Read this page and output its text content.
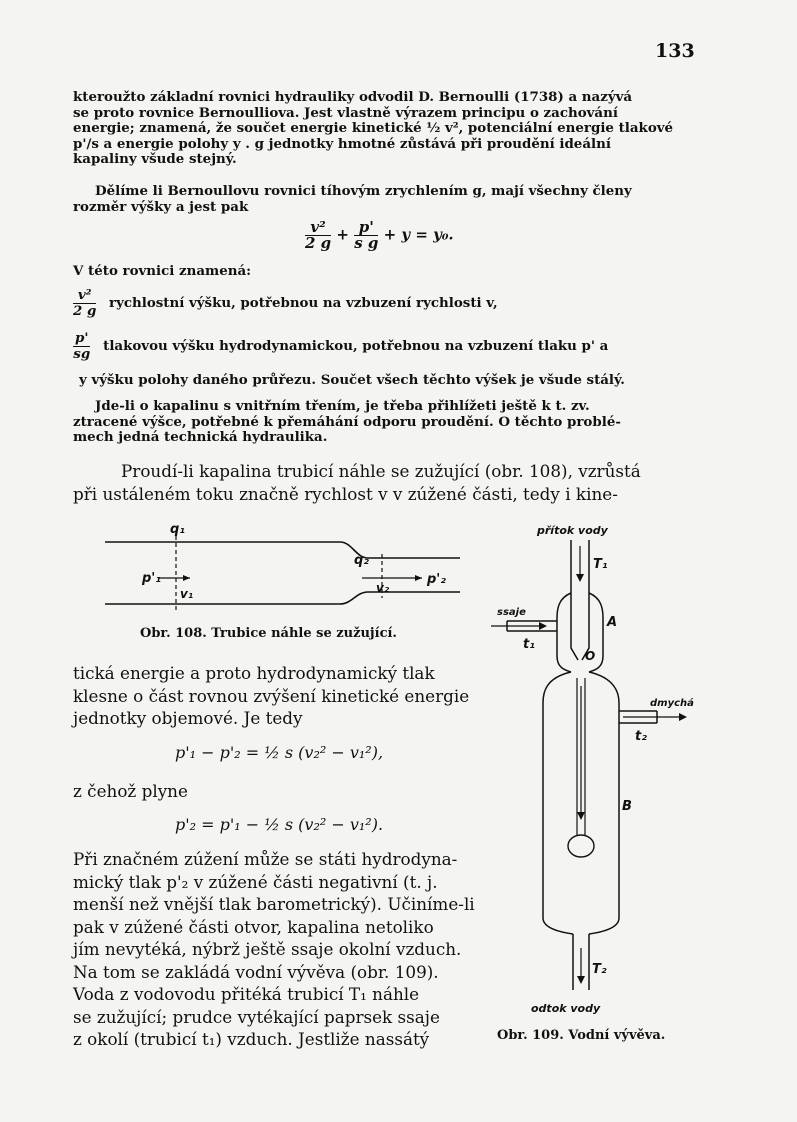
133

kteroužto základní rovnici hydrauliky odvodil D. Bernoulli (1738) a nazývá

se proto rovnice Bernoulliova. Jest vlastně výrazem principu o zachování

energie; znamená, že součet energie kinetické ½ v², potenciální energie tlakové

p'/s a energie polohy y . g jednotky hmotné zůstává při proudění ideální

kapaliny všude stejný.

Dělíme li Bernoullovu rovnici tíhovým zrychlením g, mají všechny členy

rozměr výšky a jest pak

$\frac{\text{v²}}{2 g} + \frac{p'}{\text{s g}} + y = y_0$.

V této rovnici znamená:

$\frac{\text{v²}}{2 g}$ rychlostní výšku, potřebnou na vzbuzení rychlosti v,
$\frac{p'}{sg}$ tlakovou výšku hydrodynamickou, potřebnou na vzbuzení tlaku p' a

y výšku polohy daného průřezu. Součet všech těchto výšek je všude stálý.

Jde-li o kapalinu s vnitřním třením, je třeba přihlížeti ještě k t. zv.

ztracené výšce, potřebné k přemáhání odporu proudění. O těchto problé-

mech jedná technická hydraulika.

Proudí-li kapalina trubicí náhle se zužující (obr. 108), vzrůstá

při ustáleném toku značně rychlost v v zúžené části, tedy i kine-

q₁
q₂
p'₁
v₁	v₂
p'₂
Obr. 108. Trubice náhle se zužující.

tická energie a proto hydrodynamický tlak

klesne o část rovnou zvýšení kinetické energie

jednotky objemové. Je tedy

p'₁ − p'₂ = ½ s (v₂² − v₁²),

z čehož plyne

p'₂ = p'₁ − ½ s (v₂² − v₁²).

Při značném zúžení může se státi hydrodyna-

mický tlak p'₂ v zúžené části negativní (t. j.

menší než vnější tlak barometrický). Učiníme-li

pak v zúžené části otvor, kapalina netoliko

jím nevytéká, nýbrž ještě ssaje okolní vzduch.

Na tom se zakládá vodní vývěva (obr. 109).

Voda z vodovodu přitéká trubicí T₁ náhle

se zužující; prudce vytékající paprsek ssaje

z okolí (trubicí t₁) vzduch. Jestliže nassátý

přítok vody
T₁
A
ssaje
t₁
O
B
dmychá
t₂
T₂
odtok vody
Obr. 109. Vodní vývěva.
